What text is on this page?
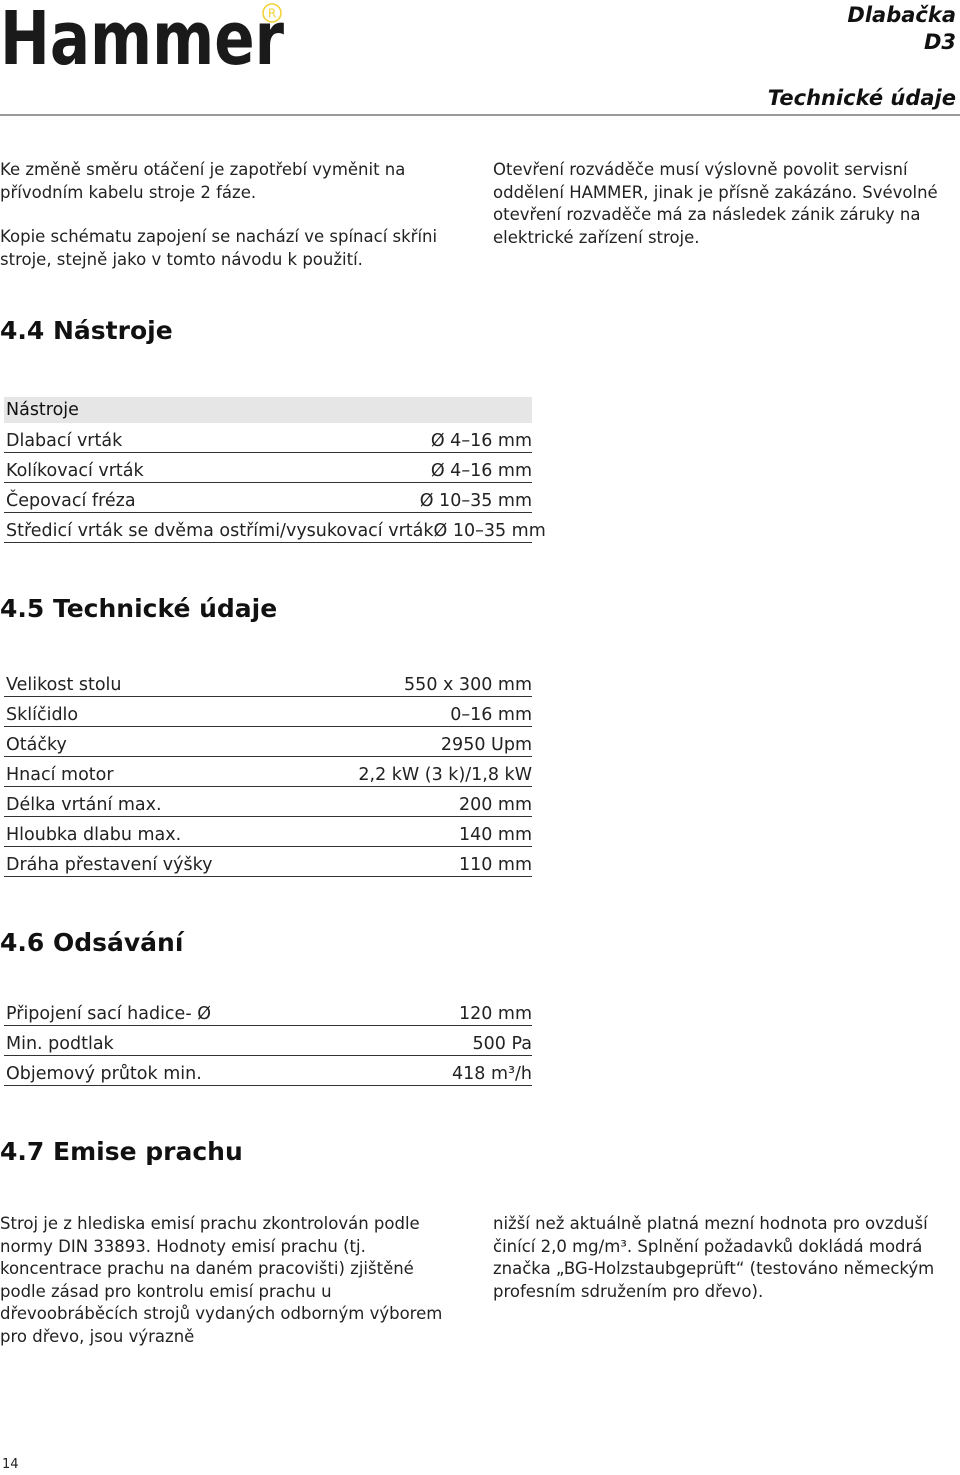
Hammer
R	Dlabačka
D3
Technické údaje

Ke změně směru otáčení je zapotřebí vyměnit na přívodním kabelu stroje 2 fáze.

Kopie schématu zapojení se nachází ve spínací skříni stroje, stejně jako v tomto návodu k použití.

Otevření rozváděče musí výslovně povolit servisní oddělení HAMMER, jinak je přísně zakázáno. Svévolné otevření rozvaděče má za následek zánik záruky na elektrické zařízení stroje.

4.4 Nástroje
Nástroje
Dlabací vrták	Ø 4–16 mm
Kolíkovací vrták	Ø 4–16 mm
Čepovací fréza	Ø 10–35 mm
Středicí vrták se dvěma ostřími/vysukovací vrták Ø 10–35 mm
4.5 Technické údaje
Velikost stolu	550 x 300 mm
Sklíčidlo	0–16 mm
Otáčky	2950 Upm
Hnací motor	2,2 kW (3 k)/1,8 kW
Délka vrtání max.	200 mm
Hloubka dlabu max.	140 mm
Dráha přestavení výšky	110 mm
4.6 Odsávání
Připojení sací hadice- Ø	120 mm
Min. podtlak	500 Pa
Objemový průtok min.	418 m³/h
4.7 Emise prachu

Stroj je z hlediska emisí prachu zkontrolován podle normy DIN 33893. Hodnoty emisí prachu (tj. koncentrace prachu na daném pracovišti) zjištěné podle zásad pro kontrolu emisí prachu u dřevoobráběcích strojů vydaných odborným výborem pro dřevo, jsou výrazně

nižší než aktuálně platná mezní hodnota pro ovzduší činící 2,0 mg/m³. Splnění požadavků dokládá modrá značka „BG-Holzstaubgeprüft“ (testováno německým profesním sdružením pro dřevo).

14
